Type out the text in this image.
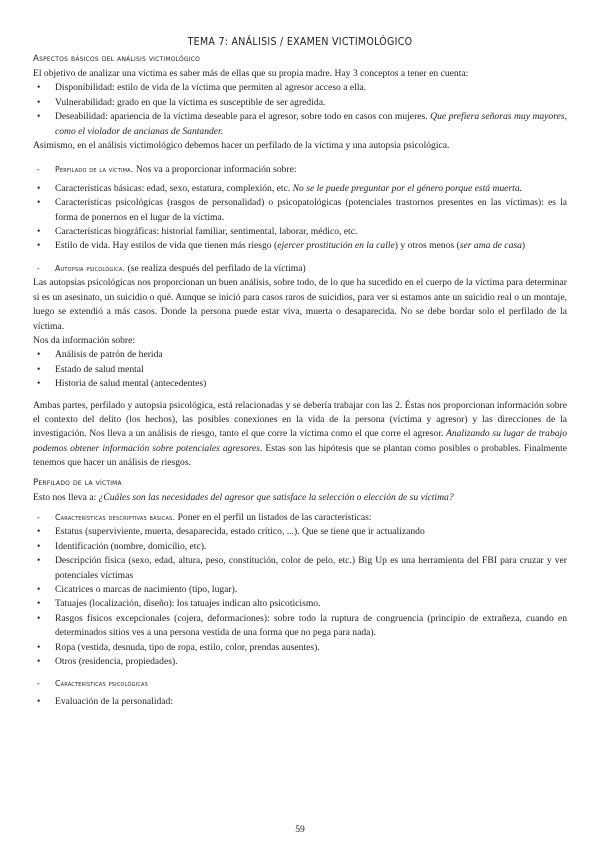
TEMA 7: ANÁLISIS / EXAMEN VICTIMOLÓGICO
Aspectos básicos del análisis victimológico

El objetivo de analizar una víctima es saber más de ellas que su propia madre. Hay 3 conceptos a tener en cuenta:

• Disponibilidad: estilo de vida de la víctima que permiten al agresor acceso a ella.
• Vulnerabilidad: grado en que la víctima es susceptible de ser agredida.
• Deseabilidad: apariencia de la víctima deseable para el agresor, sobre todo en casos con mujeres. Que prefiera señoras muy mayores, como el violador de ancianas de Santander.

Asimismo, en el análisis victimológico debemos hacer un perfilado de la víctima y una autopsia psicológica.

- Perfilado de la víctima. Nos va a proporcionar información sobre:
• Características básicas: edad, sexo, estatura, complexión, etc. No se le puede preguntar por el género porque está muerta.
• Características psicológicas (rasgos de personalidad) o psicopatológicas (potenciales trastornos presentes en las víctimas): es la forma de ponernos en el lugar de la víctima.
• Características biográficas: historial familiar, sentimental, laborar, médico, etc.
• Estilo de vida. Hay estilos de vida que tienen más riesgo (ejercer prostitución en la calle) y otros menos (ser ama de casa)
- Autopsia psicológica. (se realiza después del perfilado de la víctima)

Las autopsias psicológicas nos proporcionan un buen análisis, sobre todo, de lo que ha sucedido en el cuerpo de la víctima para determinar si es un asesinato, un suicidio o qué. Aunque se inició para casos raros de suicidios, para ver si estamos ante un suicidio real o un montaje, luego se extendió a más casos. Donde la persona puede estar viva, muerta o desaparecida. No se debe bordar solo el perfilado de la víctima.

Nos da información sobre:

• Análisis de patrón de herida
• Estado de salud mental
• Historia de salud mental (antecedentes)

Ambas partes, perfilado y autopsia psicológica, está relacionadas y se debería trabajar con las 2. Éstas nos proporcionan información sobre el contexto del delito (los hechos), las posibles conexiones en la vida de la persona (víctima y agresor) y las direcciones de la investigación. Nos lleva a un análisis de riesgo, tanto el que corre la víctima como el que corre el agresor. Analizando su lugar de trabajo podemos obtener información sobre potenciales agresores. Estas son las hipótesis que se plantan como posibles o probables. Finalmente tenemos que hacer un análisis de riesgos.

Perfilado de la víctima

Esto nos lleva a: ¿Cuáles son las necesidades del agresor que satisface la selección o elección de su víctima?

- Características descriptivas básicas. Poner en el perfil un listados de las características:
• Estatus (superviviente, muerta, desaparecida, estado crítico, ...). Que se tiene que ir actualizando
• Identificación (nombre, domicilio, etc).
• Descripción física (sexo, edad, altura, peso, constitución, color de pelo, etc.) Big Up es una herramienta del FBI para cruzar y ver potenciales víctimas
• Cicatrices o marcas de nacimiento (tipo, lugar).
• Tatuajes (localización, diseño): los tatuajes indican alto psicoticismo.
• Rasgos físicos excepcionales (cojera, deformaciones): sobre todo la ruptura de congruencia (principio de extrañeza, cuando en determinados sitios ves a una persona vestida de una forma que no pega para nada).
• Ropa (vestida, desnuda, tipo de ropa, estilo, color, prendas ausentes).
• Otros (residencia, propiedades).
- Características psicológicas
• Evaluación de la personalidad:
59
